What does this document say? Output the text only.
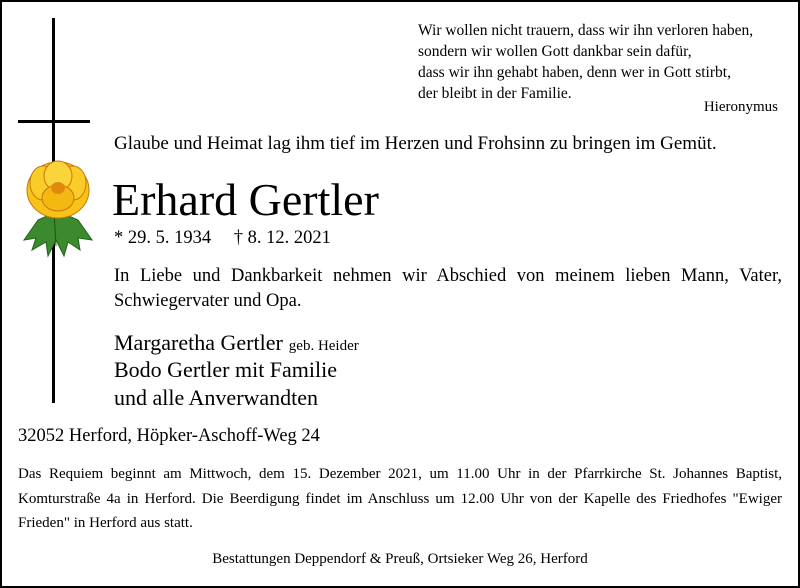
Wir wollen nicht trauern, dass wir ihn verloren haben,
sondern wir wollen Gott dankbar sein dafür,
dass wir ihn gehabt haben, denn wer in Gott stirbt,
der bleibt in der Familie.
Hieronymus
Glaube und Heimat lag ihm tief im Herzen und Frohsinn zu bringen im Gemüt.
Erhard Gertler
* 29. 5. 1934 † 8. 12. 2021
In Liebe und Dankbarkeit nehmen wir Abschied von meinem lieben Mann, Vater, Schwiegervater und Opa.
Margaretha Gertler geb. Heider
Bodo Gertler mit Familie
und alle Anverwandten
32052 Herford, Höpker-Aschoff-Weg 24
Das Requiem beginnt am Mittwoch, dem 15. Dezember 2021, um 11.00 Uhr in der Pfarrkirche St. Johannes Baptist, Komturstraße 4a in Herford. Die Beerdigung findet im Anschluss um 12.00 Uhr von der Kapelle des Friedhofes "Ewiger Frieden" in Herford aus statt.
Bestattungen Deppendorf & Preuß, Ortsieker Weg 26, Herford
